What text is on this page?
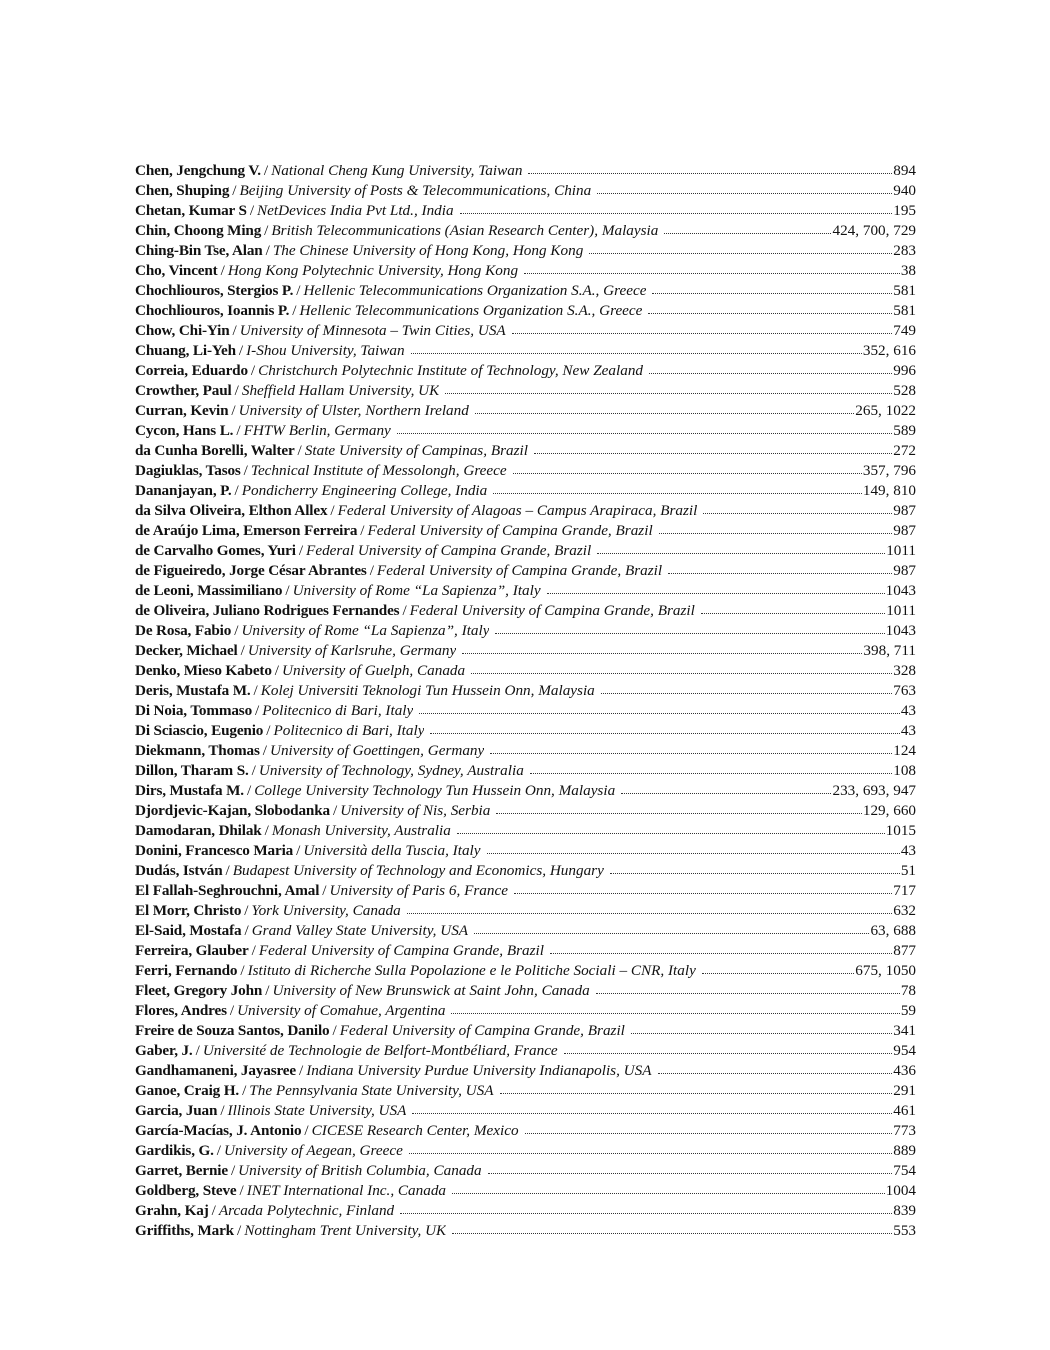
Chen, Jengchung V. / National Cheng Kung University, Taiwan	894
Chen, Shuping / Beijing University of Posts & Telecommunications, China	940
Chetan, Kumar S / NetDevices India Pvt Ltd., India	195
Chin, Choong Ming / British Telecommunications (Asian Research Center), Malaysia	424, 700, 729
Ching-Bin Tse, Alan / The Chinese University of Hong Kong, Hong Kong	283
Cho, Vincent / Hong Kong Polytechnic University, Hong Kong	38
Chochliouros, Stergios P. / Hellenic Telecommunications Organization S.A., Greece	581
Chochliouros, Ioannis P. / Hellenic Telecommunications Organization S.A., Greece	581
Chow, Chi-Yin / University of Minnesota – Twin Cities, USA	749
Chuang, Li-Yeh / I-Shou University, Taiwan	352, 616
Correia, Eduardo / Christchurch Polytechnic Institute of Technology, New Zealand	996
Crowther, Paul / Sheffield Hallam University, UK	528
Curran, Kevin / University of Ulster, Northern Ireland	265, 1022
Cycon, Hans L. / FHTW Berlin, Germany	589
da Cunha Borelli, Walter / State University of Campinas, Brazil	272
Dagiuklas, Tasos / Technical Institute of Messolongh, Greece	357, 796
Dananjayan, P. / Pondicherry Engineering College, India	149, 810
da Silva Oliveira, Elthon Allex / Federal University of Alagoas – Campus Arapiraca, Brazil	987
de Araújo Lima, Emerson Ferreira / Federal University of Campina Grande, Brazil	987
de Carvalho Gomes, Yuri / Federal University of Campina Grande, Brazil	1011
de Figueiredo, Jorge César Abrantes / Federal University of Campina Grande, Brazil	987
de Leoni, Massimiliano / University of Rome “La Sapienza”, Italy	1043
de Oliveira, Juliano Rodrigues Fernandes / Federal University of Campina Grande, Brazil	1011
De Rosa, Fabio / University of Rome “La Sapienza”, Italy	1043
Decker, Michael / University of Karlsruhe, Germany	398, 711
Denko, Mieso Kabeto / University of Guelph, Canada	328
Deris, Mustafa M. / Kolej Universiti Teknologi Tun Hussein Onn, Malaysia	763
Di Noia, Tommaso / Politecnico di Bari, Italy	43
Di Sciascio, Eugenio / Politecnico di Bari, Italy	43
Diekmann, Thomas / University of Goettingen, Germany	124
Dillon, Tharam S. / University of Technology, Sydney, Australia	108
Dirs, Mustafa M. / College University Technology Tun Hussein Onn, Malaysia	233, 693, 947
Djordjevic-Kajan, Slobodanka / University of Nis, Serbia	129, 660
Damodaran, Dhilak / Monash University, Australia	1015
Donini, Francesco Maria / Università della Tuscia, Italy	43
Dudás, István / Budapest University of Technology and Economics, Hungary	51
El Fallah-Seghrouchni, Amal / University of Paris 6, France	717
El Morr, Christo / York University, Canada	632
El-Said, Mostafa / Grand Valley State University, USA	63, 688
Ferreira, Glauber / Federal University of Campina Grande, Brazil	877
Ferri, Fernando / Istituto di Richerche Sulla Popolazione e le Politiche Sociali – CNR, Italy	675, 1050
Fleet, Gregory John / University of New Brunswick at Saint John, Canada	78
Flores, Andres / University of Comahue, Argentina	59
Freire de Souza Santos, Danilo / Federal University of Campina Grande, Brazil	341
Gaber, J. / Université de Technologie de Belfort-Montbéliard, France	954
Gandhamaneni, Jayasree / Indiana University Purdue University Indianapolis, USA	436
Ganoe, Craig H. / The Pennsylvania State University, USA	291
Garcia, Juan / Illinois State University, USA	461
García-Macías, J. Antonio / CICESE Research Center, Mexico	773
Gardikis, G. / University of Aegean, Greece	889
Garret, Bernie / University of British Columbia, Canada	754
Goldberg, Steve / INET International Inc., Canada	1004
Grahn, Kaj / Arcada Polytechnic, Finland	839
Griffiths, Mark / Nottingham Trent University, UK	553
